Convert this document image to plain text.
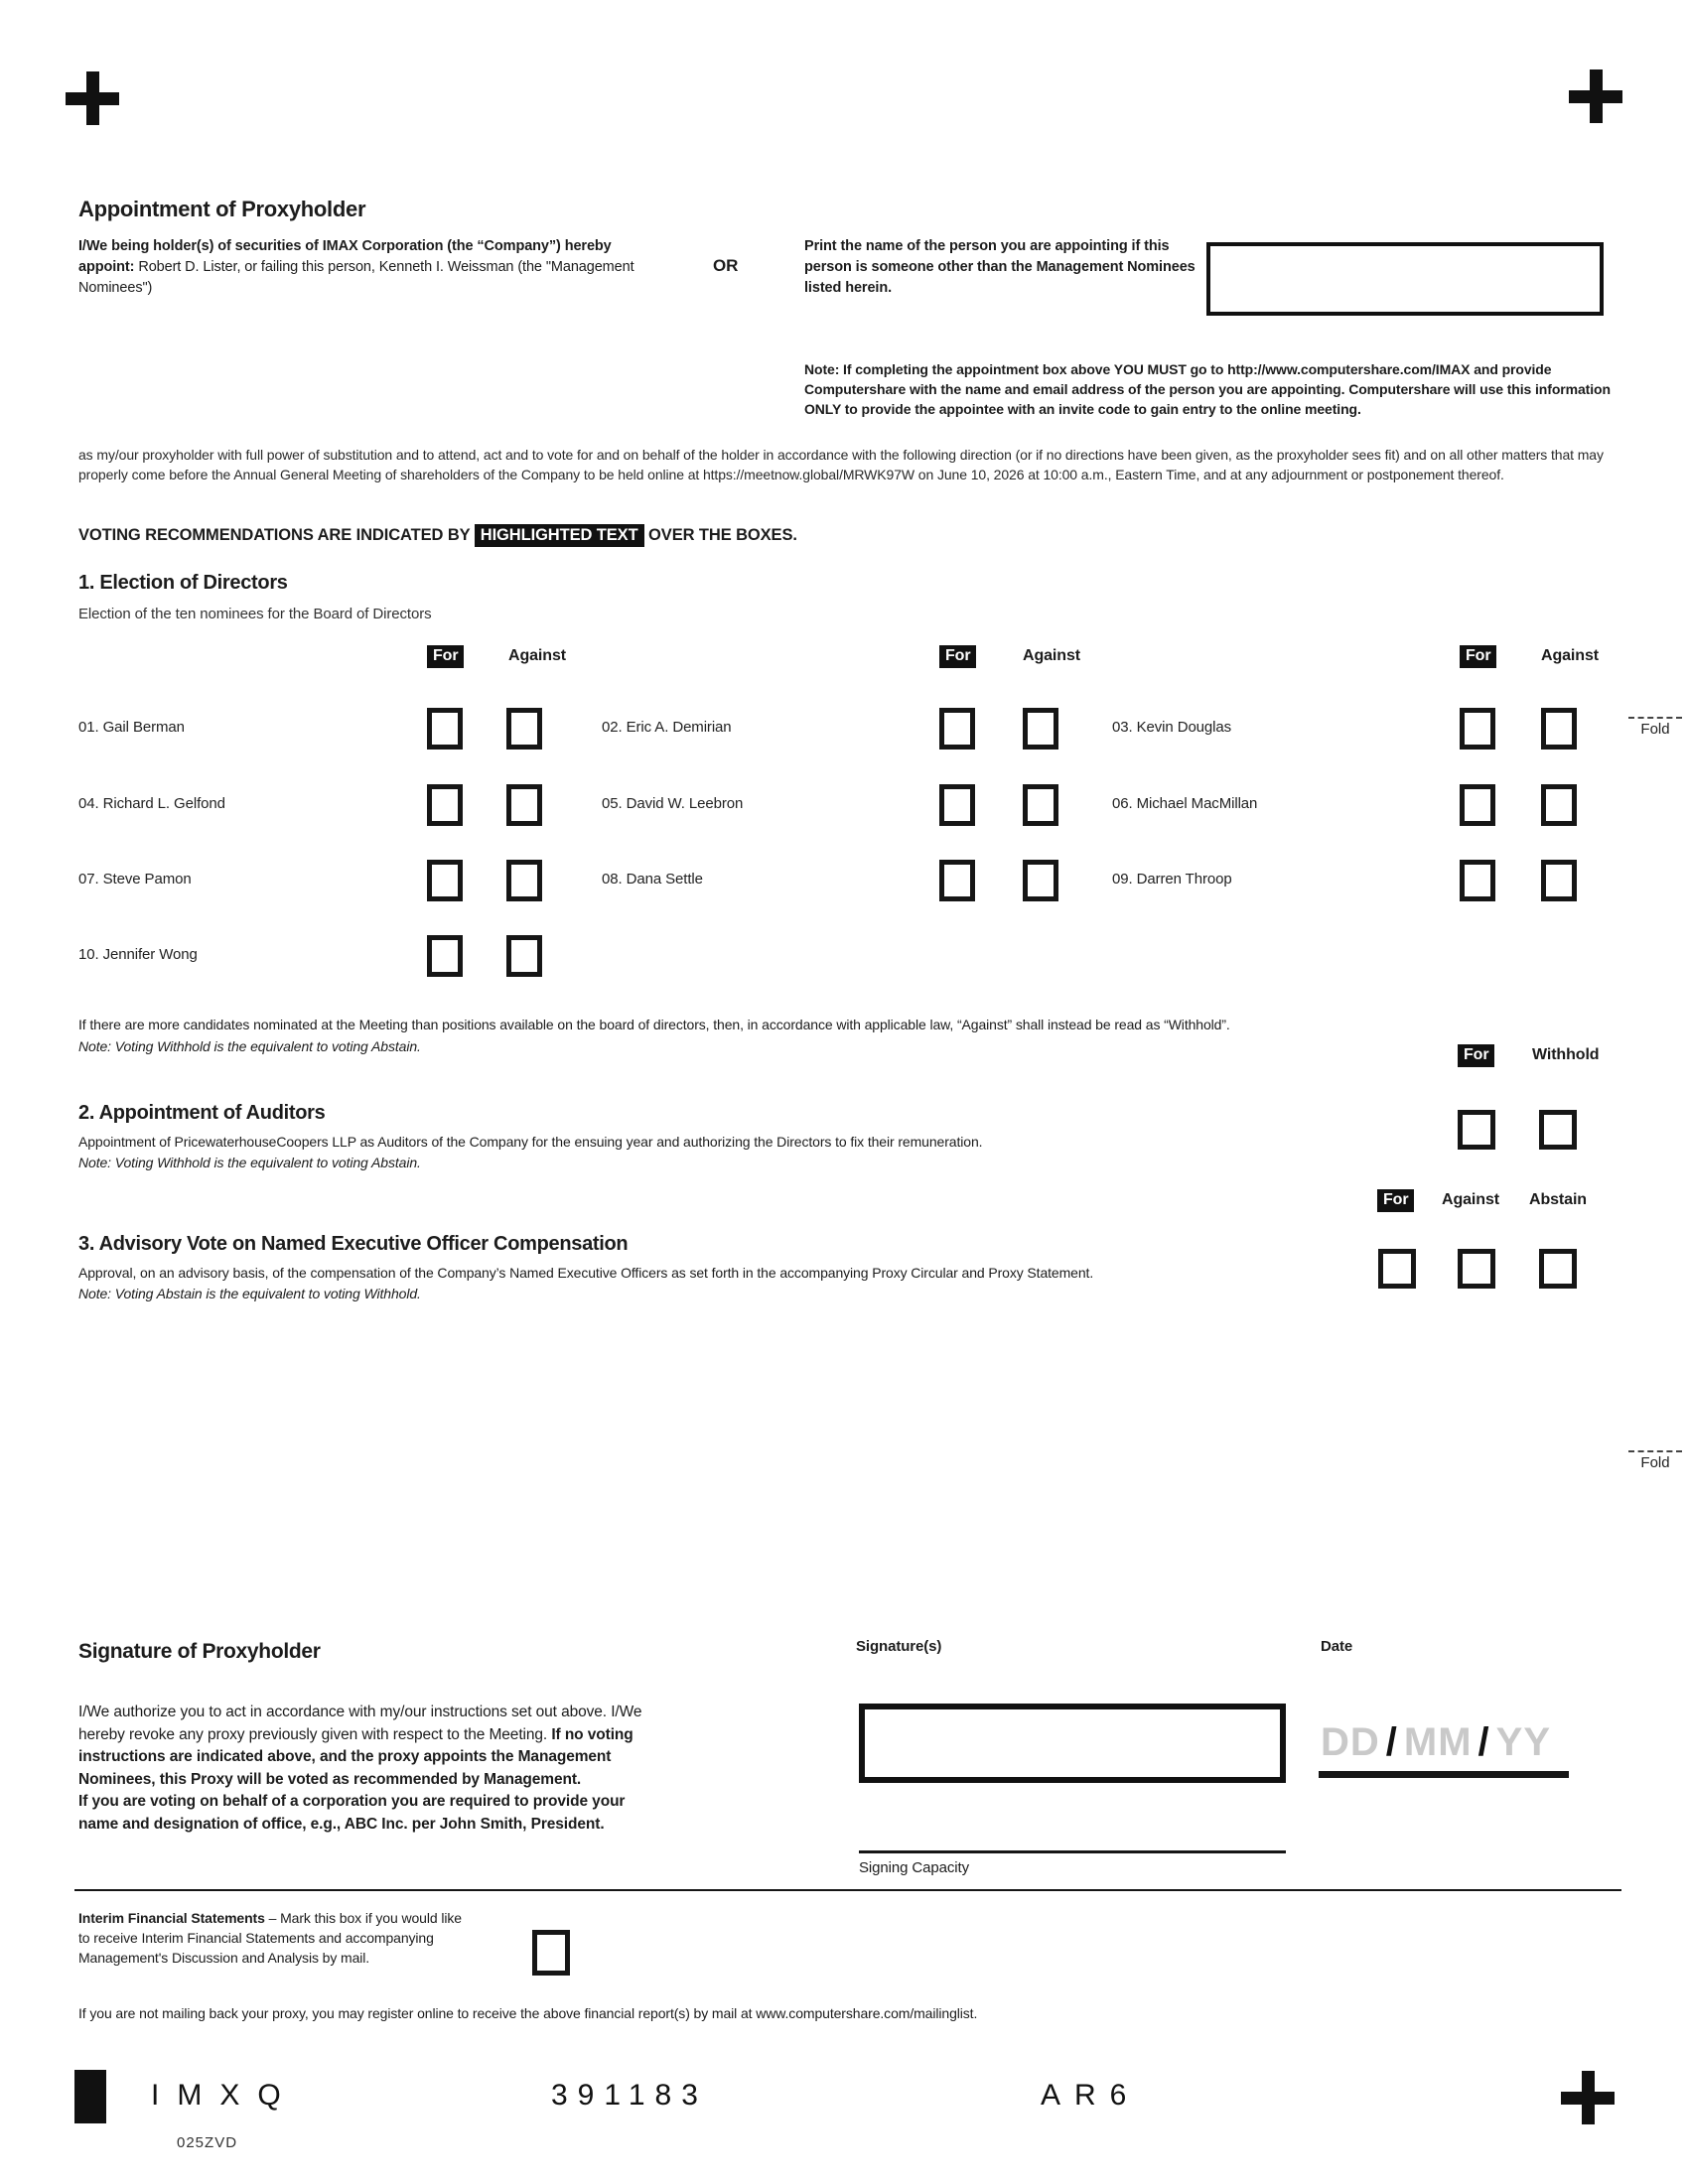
Appointment of Proxyholder
I/We being holder(s) of securities of IMAX Corporation (the “Company”) hereby appoint: Robert D. Lister, or failing this person, Kenneth I. Weissman (the "Management Nominees")
OR
Print the name of the person you are appointing if this person is someone other than the Management Nominees listed herein.
Note: If completing the appointment box above YOU MUST go to http://www.computershare.com/IMAX and provide Computershare with the name and email address of the person you are appointing. Computershare will use this information ONLY to provide the appointee with an invite code to gain entry to the online meeting.
as my/our proxyholder with full power of substitution and to attend, act and to vote for and on behalf of the holder in accordance with the following direction (or if no directions have been given, as the proxyholder sees fit) and on all other matters that may properly come before the Annual General Meeting of shareholders of the Company to be held online at https://meetnow.global/MRWK97W on June 10, 2026 at 10:00 a.m., Eastern Time, and at any adjournment or postponement thereof.
VOTING RECOMMENDATIONS ARE INDICATED BY HIGHLIGHTED TEXT OVER THE BOXES.
1. Election of Directors
Election of the ten nominees for the Board of Directors
For	Against	For	Against	For	Against
Fold
01. Gail Berman	02. Eric A. Demirian	03. Kevin Douglas
04. Richard L. Gelfond	05. David W. Leebron	06. Michael MacMillan
07. Steve Pamon	08. Dana Settle	09. Darren Throop
10. Jennifer Wong
If there are more candidates nominated at the Meeting than positions available on the board of directors, then, in accordance with applicable law, “Against” shall instead be read as “Withhold”.
Note: Voting Withhold is the equivalent to voting Abstain.	For	Withhold
2. Appointment of Auditors
Appointment of PricewaterhouseCoopers LLP as Auditors of the Company for the ensuing year and authorizing the Directors to fix their remuneration.
Note: Voting Withhold is the equivalent to voting Abstain.
For	Against Abstain
3. Advisory Vote on Named Executive Officer Compensation
Approval, on an advisory basis, of the compensation of the Company’s Named Executive Officers as set forth in the accompanying Proxy Circular and Proxy Statement.
Note: Voting Abstain is the equivalent to voting Withhold.
Fold
Signature of Proxyholder
I/We authorize you to act in accordance with my/our instructions set out above. I/We hereby revoke any proxy previously given with respect to the Meeting. If no voting instructions are indicated above, and the proxy appoints the Management Nominees, this Proxy will be voted as recommended by Management.
If you are voting on behalf of a corporation you are required to provide your name and designation of office, e.g., ABC Inc. per John Smith, President.
Signature(s)
Signing Capacity
Date
DD / MM / YY
Interim Financial Statements – Mark this box if you would like to receive Interim Financial Statements and accompanying Management's Discussion and Analysis by mail.
If you are not mailing back your proxy, you may register online to receive the above financial report(s) by mail at www.computershare.com/mailinglist.
IMXQ	391183	AR6
025ZVD
